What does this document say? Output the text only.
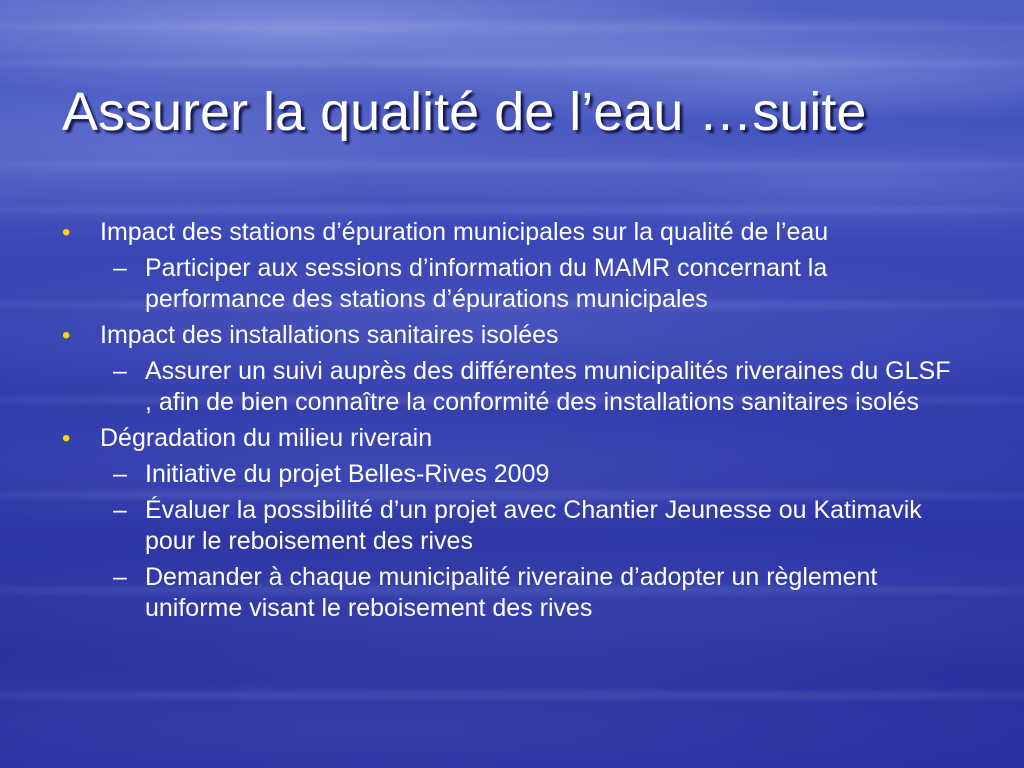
Assurer la qualité de l’eau …suite
• Impact des stations d’épuration municipales sur la qualité de l’eau
– Participer aux sessions d’information du MAMR concernant la performance des stations d’épurations municipales
• Impact des installations sanitaires isolées
– Assurer un suivi auprès des différentes municipalités riveraines du GLSF , afin de bien connaître la conformité des installations sanitaires isolés
• Dégradation du milieu riverain
– Initiative du projet Belles-Rives 2009
– Évaluer la possibilité d’un projet avec Chantier Jeunesse ou Katimavik pour le reboisement des rives
– Demander à chaque municipalité riveraine d’adopter un règlement uniforme visant le reboisement des rives
